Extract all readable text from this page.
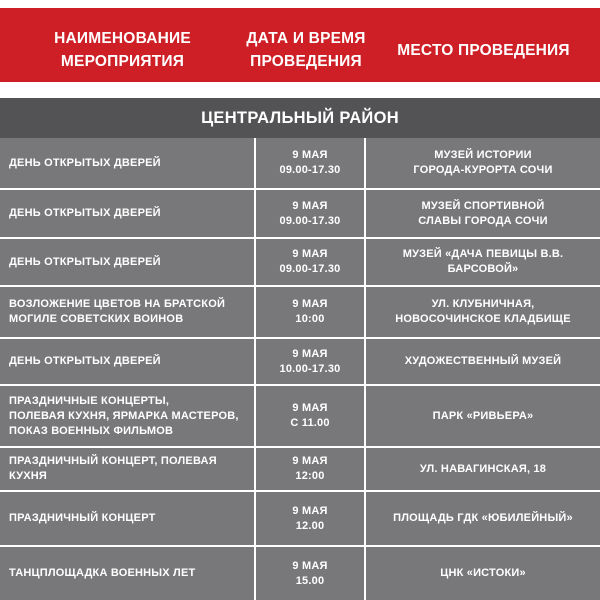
НАИМЕНОВАНИЕ
МЕРОПРИЯТИЯ
ДАТА И ВРЕМЯ
ПРОВЕДЕНИЯ
МЕСТО ПРОВЕДЕНИЯ
ЦЕНТРАЛЬНЫЙ РАЙОН
ДЕНЬ ОТКРЫТЫХ ДВЕРЕЙ
9 МАЯ
09.00-17.30
МУЗЕЙ ИСТОРИИ
ГОРОДА-КУРОРТА СОЧИ
ДЕНЬ ОТКРЫТЫХ ДВЕРЕЙ
9 МАЯ
09.00-17.30
МУЗЕЙ СПОРТИВНОЙ
СЛАВЫ ГОРОДА СОЧИ
ДЕНЬ ОТКРЫТЫХ ДВЕРЕЙ
9 МАЯ
09.00-17.30
МУЗЕЙ «ДАЧА ПЕВИЦЫ В.В. БАРСОВОЙ»
ВОЗЛОЖЕНИЕ ЦВЕТОВ НА БРАТСКОЙ
МОГИЛЕ СОВЕТСКИХ ВОИНОВ
9 МАЯ
10:00
УЛ. КЛУБНИЧНАЯ,
НОВОСОЧИНСКОЕ КЛАДБИЩЕ
ДЕНЬ ОТКРЫТЫХ ДВЕРЕЙ
9 МАЯ
10.00-17.30
ХУДОЖЕСТВЕННЫЙ МУЗЕЙ
ПРАЗДНИЧНЫЕ КОНЦЕРТЫ,
ПОЛЕВАЯ КУХНЯ, ЯРМАРКА МАСТЕРОВ,
ПОКАЗ ВОЕННЫХ ФИЛЬМОВ
9 МАЯ
С 11.00
ПАРК «РИВЬЕРА»
ПРАЗДНИЧНЫЙ КОНЦЕРТ, ПОЛЕВАЯ КУХНЯ
9 МАЯ
12:00
УЛ. НАВАГИНСКАЯ, 18
ПРАЗДНИЧНЫЙ КОНЦЕРТ
9 МАЯ
12.00
ПЛОЩАДЬ ГДК «ЮБИЛЕЙНЫЙ»
ТАНЦПЛОЩАДКА ВОЕННЫХ ЛЕТ
9 МАЯ
15.00
ЦНК «ИСТОКИ»
